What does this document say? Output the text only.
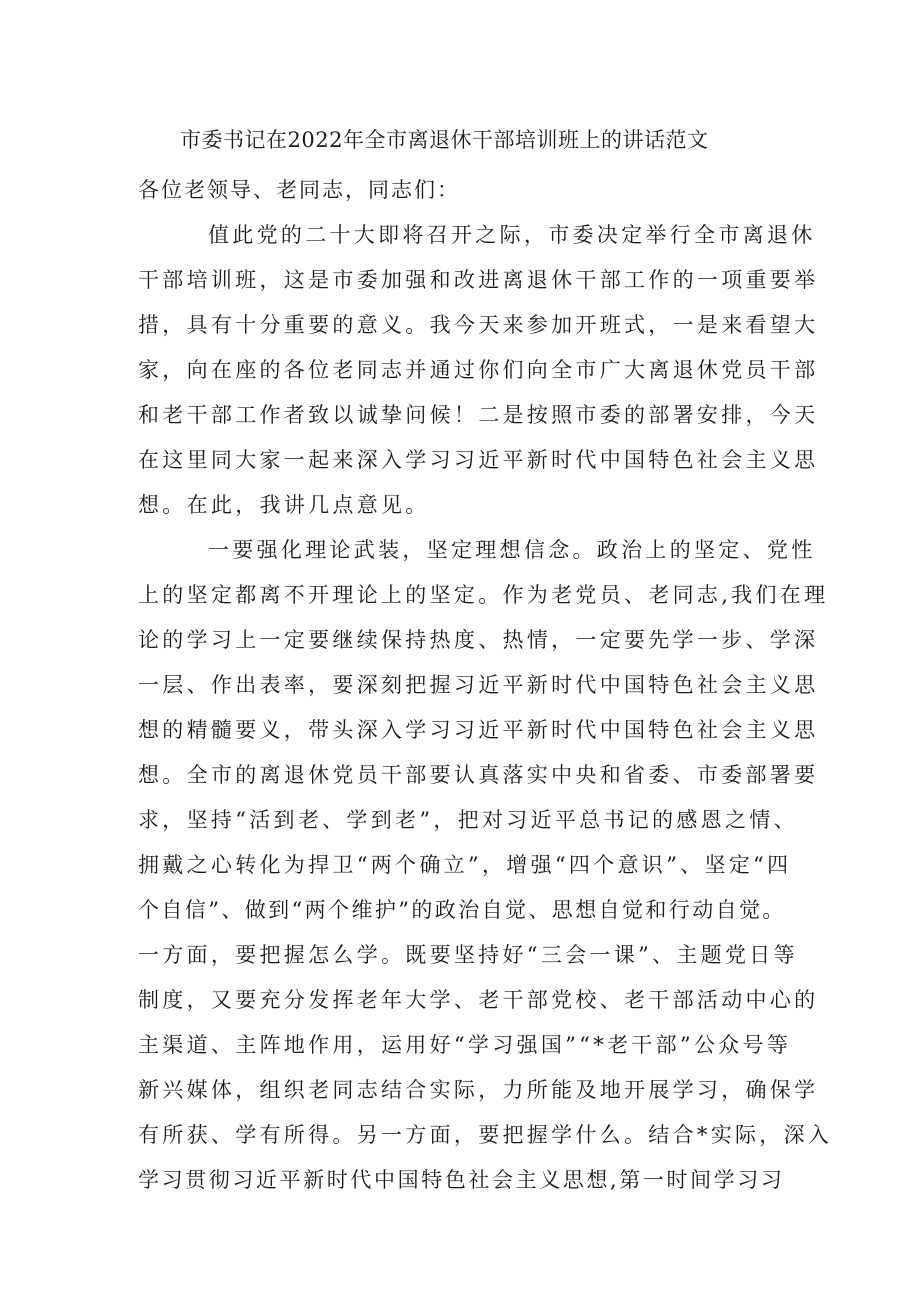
市委书记在2022年全市离退休干部培训班上的讲话范文
各位老领导、老同志，同志们：
值此党的二十大即将召开之际，市委决定举行全市离退休
干部培训班，这是市委加强和改进离退休干部工作的一项重要举
措，具有十分重要的意义。我今天来参加开班式，一是来看望大
家，向在座的各位老同志并通过你们向全市广大离退休党员干部
和老干部工作者致以诚挚问候！二是按照市委的部署安排，今天
在这里同大家一起来深入学习习近平新时代中国特色社会主义思
想。在此，我讲几点意见。
一要强化理论武装，坚定理想信念。政治上的坚定、党性
上的坚定都离不开理论上的坚定。作为老党员、老同志,我们在理
论的学习上一定要继续保持热度、热情，一定要先学一步、学深
一层、作出表率，要深刻把握习近平新时代中国特色社会主义思
想的精髓要义，带头深入学习习近平新时代中国特色社会主义思
想。全市的离退休党员干部要认真落实中央和省委、市委部署要
求，坚持“活到老、学到老”，把对习近平总书记的感恩之情、
拥戴之心转化为捍卫“两个确立”，增强“四个意识”、坚定“四
个自信”、做到“两个维护”的政治自觉、思想自觉和行动自觉。
一方面，要把握怎么学。既要坚持好“三会一课”、主题党日等
制度，又要充分发挥老年大学、老干部党校、老干部活动中心的
主渠道、主阵地作用，运用好“学习强国”“*老干部”公众号等
新兴媒体，组织老同志结合实际，力所能及地开展学习，确保学
有所获、学有所得。另一方面，要把握学什么。结合*实际，深入
学习贯彻习近平新时代中国特色社会主义思想,第一时间学习习
